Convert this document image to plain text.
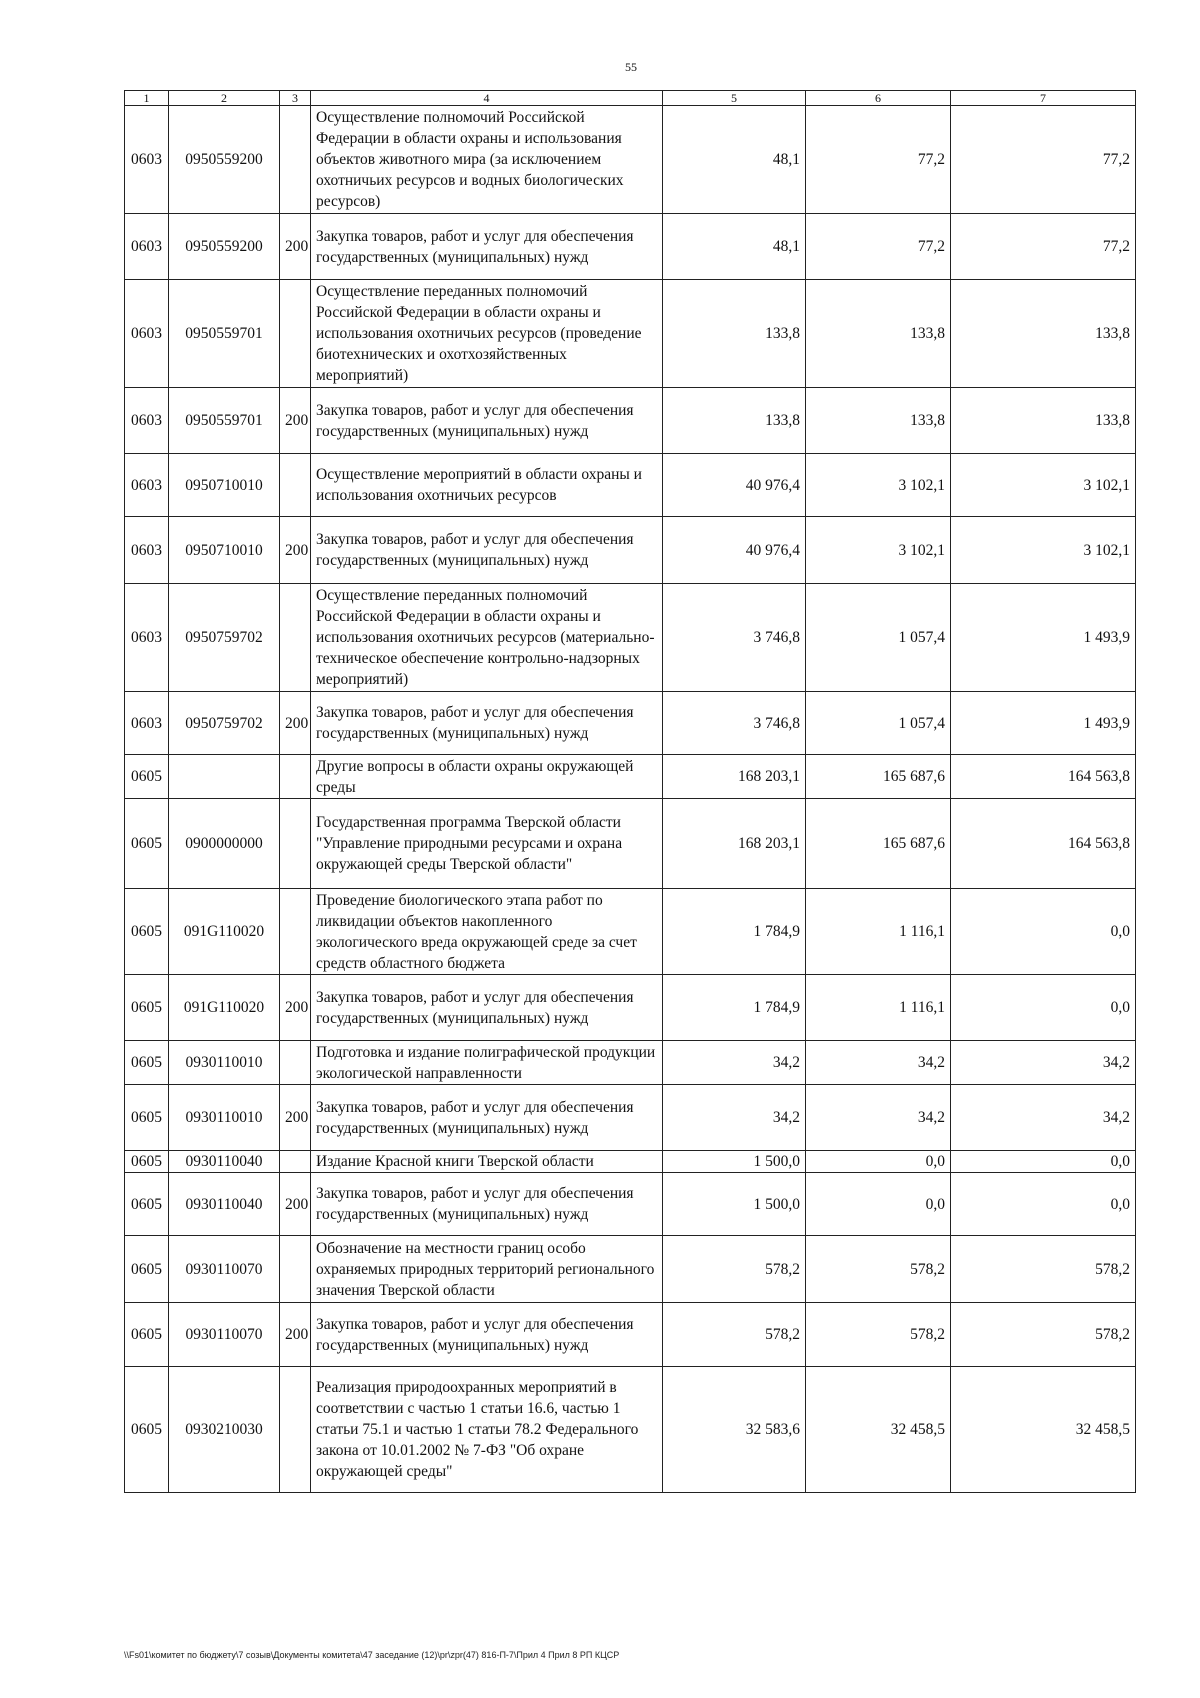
55
1	2	3	4	5	6	7
0603	0950559200		Осуществление полномочий Российской Федерации в области охраны и использования объектов животного мира (за исключением охотничьих ресурсов и водных биологических ресурсов)	48,1	77,2	77,2
0603	0950559200	200	Закупка товаров, работ и услуг для обеспечения государственных (муниципальных) нужд	48,1	77,2	77,2
0603	0950559701		Осуществление переданных полномочий Российской Федерации в области охраны и использования охотничьих ресурсов (проведение биотехнических и охотхозяйственных мероприятий)	133,8	133,8	133,8
0603	0950559701	200	Закупка товаров, работ и услуг для обеспечения государственных (муниципальных) нужд	133,8	133,8	133,8
0603	0950710010		Осуществление мероприятий в области охраны и использования охотничьих ресурсов	40 976,4	3 102,1	3 102,1
0603	0950710010	200	Закупка товаров, работ и услуг для обеспечения государственных (муниципальных) нужд	40 976,4	3 102,1	3 102,1
0603	0950759702		Осуществление переданных полномочий Российской Федерации в области охраны и использования охотничьих ресурсов (материально-техническое обеспечение контрольно-надзорных мероприятий)	3 746,8	1 057,4	1 493,9
0603	0950759702	200	Закупка товаров, работ и услуг для обеспечения государственных (муниципальных) нужд	3 746,8	1 057,4	1 493,9
0605			Другие вопросы в области охраны окружающей среды	168 203,1	165 687,6	164 563,8
0605	0900000000		Государственная программа Тверской области "Управление природными ресурсами и охрана окружающей среды Тверской области"	168 203,1	165 687,6	164 563,8
0605	091G110020		Проведение биологического этапа работ по ликвидации объектов накопленного экологического вреда окружающей среде за счет средств областного бюджета	1 784,9	1 116,1	0,0
0605	091G110020	200	Закупка товаров, работ и услуг для обеспечения государственных (муниципальных) нужд	1 784,9	1 116,1	0,0
0605	0930110010		Подготовка и издание полиграфической продукции экологической направленности	34,2	34,2	34,2
0605	0930110010	200	Закупка товаров, работ и услуг для обеспечения государственных (муниципальных) нужд	34,2	34,2	34,2
0605	0930110040		Издание Красной книги Тверской области	1 500,0	0,0	0,0
0605	0930110040	200	Закупка товаров, работ и услуг для обеспечения государственных (муниципальных) нужд	1 500,0	0,0	0,0
0605	0930110070		Обозначение на местности границ особо охраняемых природных территорий регионального значения Тверской области	578,2	578,2	578,2
0605	0930110070	200	Закупка товаров, работ и услуг для обеспечения государственных (муниципальных) нужд	578,2	578,2	578,2
0605	0930210030		Реализация природоохранных мероприятий в соответствии с частью 1 статьи 16.6, частью 1 статьи 75.1 и частью 1 статьи 78.2 Федерального закона от 10.01.2002 № 7-ФЗ "Об охране окружающей среды"	32 583,6	32 458,5	32 458,5
\\Fs01\комитет по бюджету\7 созыв\Документы комитета\47 заседание (12)\pr\zpr(47) 816-П-7\Прил 4 Прил 8 РП КЦСР
